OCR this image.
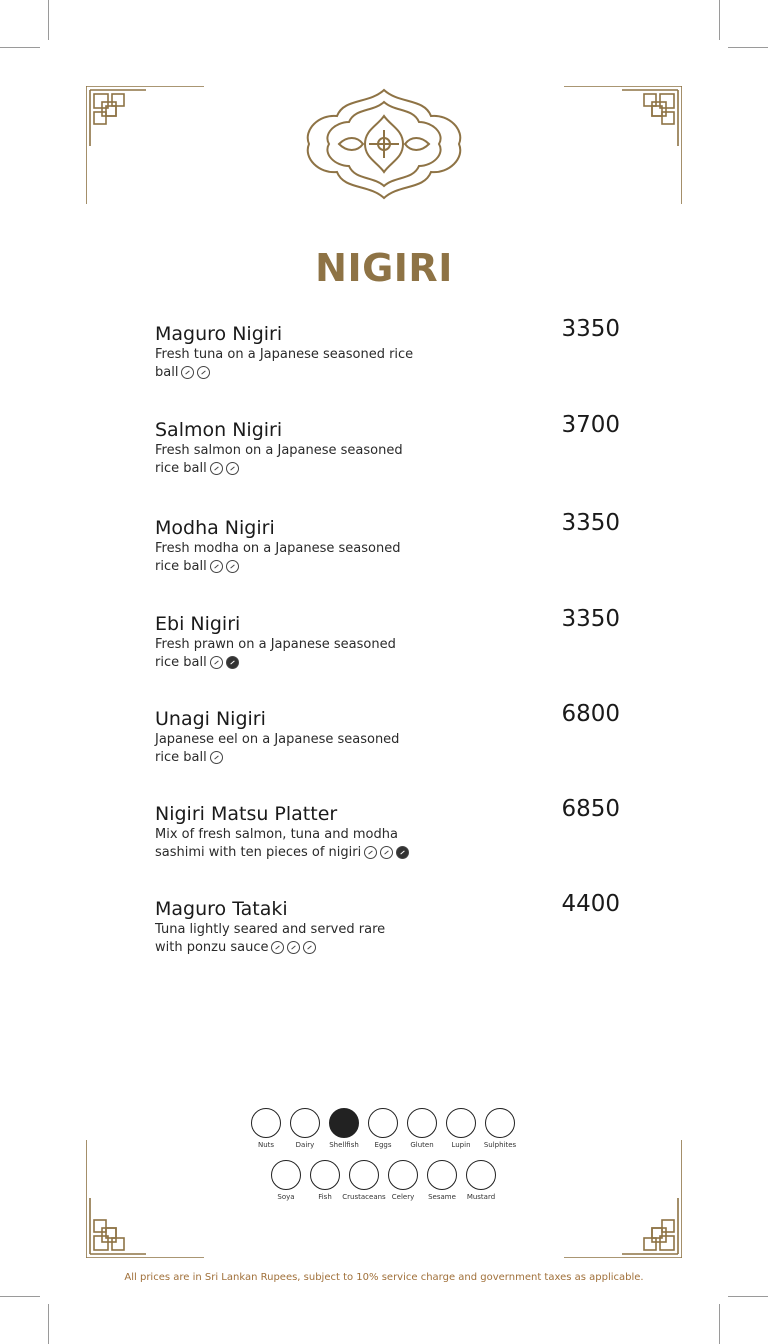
NIGIRI
Maguro Nigiri
Fresh tuna on a Japanese seasoned rice ball
3350
Salmon Nigiri
Fresh salmon on a Japanese seasoned rice ball
3700
Modha Nigiri
Fresh modha on a Japanese seasoned rice ball
3350
Ebi Nigiri
Fresh prawn on a Japanese seasoned rice ball
3350
Unagi Nigiri
Japanese eel on a Japanese seasoned rice ball
6800
Nigiri Matsu Platter
Mix of fresh salmon, tuna and modha sashimi with ten pieces of nigiri
6850
Maguro Tataki
Tuna lightly seared and served rare with ponzu sauce
4400
Nuts	Dairy	Shellfish	Eggs	Gluten	Lupin	Sulphites
Soya	Fish	Crustaceans Celery	Sesame	Mustard
All prices are in Sri Lankan Rupees, subject to 10% service charge and government taxes as applicable.
